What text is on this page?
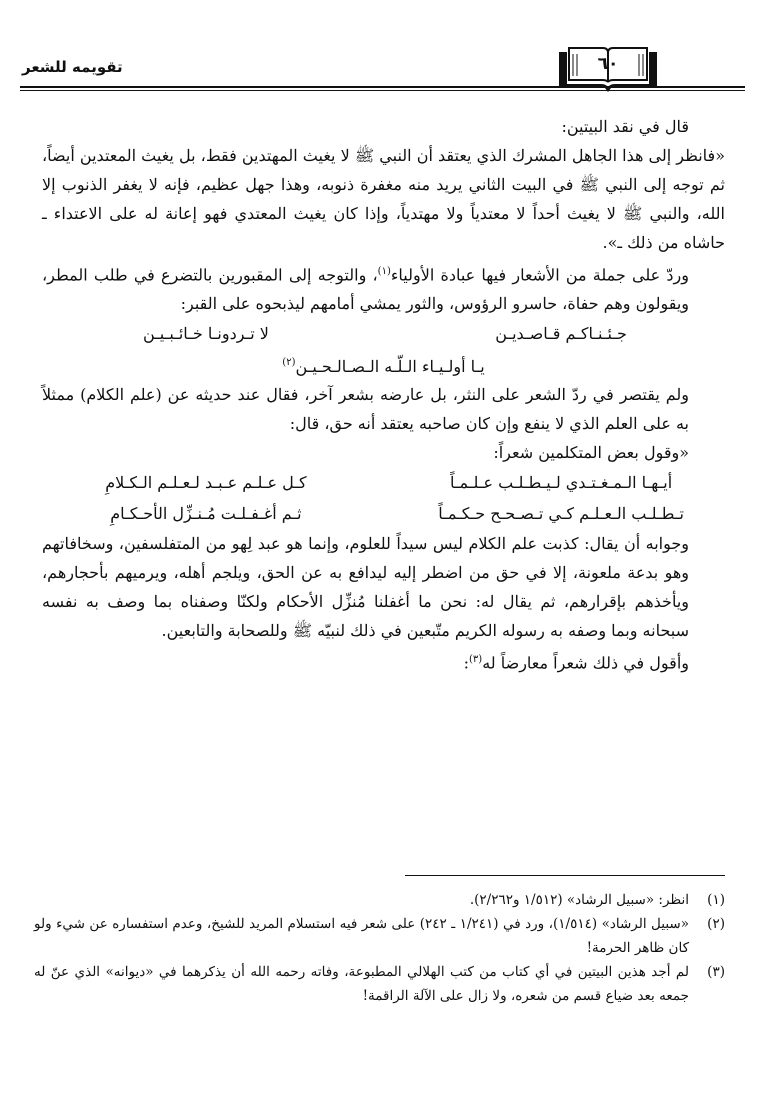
تقويمه للشعر	٦٠

قال في نقد البيتين:

«فانظر إلى هذا الجاهل المشرك الذي يعتقد أن النبي ﷺ لا يغيث المهتدين فقط، بل يغيث المعتدين أيضاً، ثم توجه إلى النبي ﷺ في البيت الثاني يريد منه مغفرة ذنوبه، وهذا جهل عظيم، فإنه لا يغفر الذنوب إلا الله، والنبي ﷺ لا يغيث أحداً لا معتدياً ولا مهتدياً، وإذا كان يغيث المعتدي فهو إعانة له على الاعتداء ـ حاشاه من ذلك ـ».

وردّ على جملة من الأشعار فيها عبادة الأولياء$^{(١)}$، والتوجه إلى المقبورين بالتضرع في طلب المطر، ويقولون وهم حفاة، حاسرو الرؤوس، والثور يمشي أمامهم ليذبحوه على القبر:

جـئـنـاكـم قـاصـديـن
لا تـردونـا خـائـبـيـن
يـا أولـيـاء الـلّـه الـصـالـحـيـن(٢)

ولم يقتصر في ردّ الشعر على النثر، بل عارضه بشعر آخر، فقال عند حديثه عن (علم الكلام) ممثلاً به على العلم الذي لا ينفع وإن كان صاحبه يعتقد أنه حق، قال:

«وقول بعض المتكلمين شعراً:

أيـهـا الـمـغـتـدي لـيـطـلـب عـلـمـاً
كـل عـلـم عـبـد لـعـلـم الـكـلامِ
تـطـلـب الـعـلـم كـي تـصـحـح حـكـمـاً
ثـم أغـفـلـت مُـنـزِّل الأحـكـامِ

وجوابه أن يقال: كذبت علم الكلام ليس سيداً للعلوم، وإنما هو عبد لِهو من المتفلسفين، وسخافاتهم وهو بدعة ملعونة، إلا في حق من اضطر إليه ليدافع به عن الحق، ويلجم أهله، ويرميهم بأحجارهم، ويأخذهم بإقرارهم، ثم يقال له: نحن ما أغفلنا مُنزِّل الأحكام ولكنّا وصفناه بما وصف به نفسه سبحانه وبما وصفه به رسوله الكريم متّبعين في ذلك لنبيّه ﷺ وللصحابة والتابعين.

وأقول في ذلك شعراً معارضاً له$^{(٣)}$:

(١)
انظر: «سبيل الرشاد» (١/٥١٢ و٢/٢٦٢).
(٢)
«سبيل الرشاد» (١/٥١٤)، ورد في (١/٢٤١ ـ ٢٤٢) على شعر فيه استسلام المريد للشيخ، وعدم استفساره عن شيء ولو كان ظاهر الحرمة!
(٣)
لم أجد هذين البيتين في أي كتاب من كتب الهلالي المطبوعة، وفاته رحمه الله أن يذكرهما في «ديوانه» الذي عنّ له جمعه بعد ضياع قسم من شعره، ولا زال على الآلة الراقمة!
